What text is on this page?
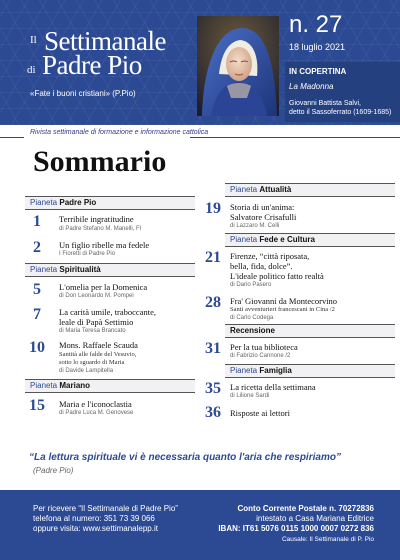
Il Settimanale
di Padre Pio
«Fate i buoni cristiani» (P.Pio)
n. 27
18 luglio 2021
IN COPERTINA
La Madonna
Giovanni Battista Salvi,
detto il Sassoferrato (1609-1685)
Rivista settimanale di formazione e informazione cattolica
Sommario
Pianeta Padre Pio
1 Terribile ingratitudine
di Padre Stefano M. Manelli, FI
2 Un figlio ribelle ma fedele
I Fioretti di Padre Pio
Pianeta Spiritualità
5 L'omelia per la Domenica
di Don Leonardo M. Pompei
7 La carità umile, traboccante,
leale di Papà Settimio
di Maria Teresa Brancato
10 Mons. Raffaele Scauda
Santità alle falde del Vesuvio,
sotto lo sguardo di Maria
di Davide Lampitella
Pianeta Mariano
15 Maria e l'iconoclastia
di Padre Luca M. Genovese
Pianeta Attualità
19 Storia di un'anima:
Salvatore Crisafulli
di Lazzaro M. Celli
Pianeta Fede e Cultura
21 Firenze, “città riposata,
bella, fida, dolce”.
L'ideale politico fatto realtà
di Dario Pasero
28 Fra' Giovanni da Montecorvino
Santi avventurieri francescani in Cina /2
di Carlo Codega
Recensione
31 Per la tua biblioteca
di Fabrizio Cannone /2
Pianeta Famiglia
35 La ricetta della settimana
di Lilione Sardi
36 Risposte ai lettori
“La lettura spirituale vi è necessaria quanto l'aria che respiriamo”
(Padre Pio)
Per ricevere “Il Settimanale di Padre Pio”
telefona al numero: 351 73 39 066
oppure visita: www.settimanalepp.it
Conto Corrente Postale n. 70272836
intestato a Casa Mariana Editrice
IBAN: IT61 5076 0115 1000 0007 0272 836
Causale: Il Settimanale di P. Pio
